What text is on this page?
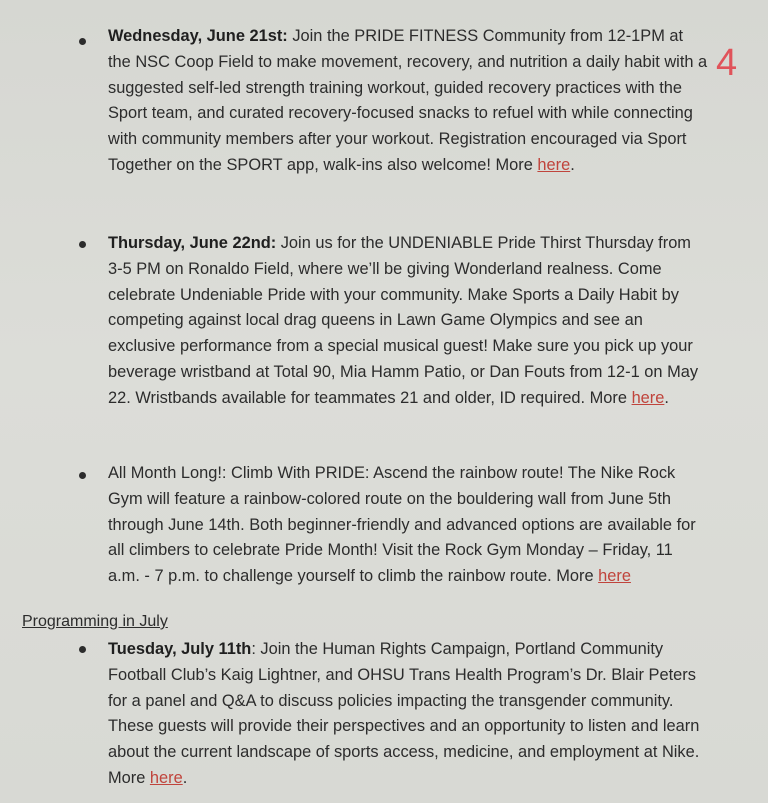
4
Wednesday, June 21st: Join the PRIDE FITNESS Community from 12-1PM at the NSC Coop Field to make movement, recovery, and nutrition a daily habit with a suggested self-led strength training workout, guided recovery practices with the Sport team, and curated recovery-focused snacks to refuel with while connecting with community members after your workout. Registration encouraged via Sport Together on the SPORT app, walk-ins also welcome! More here.
Thursday, June 22nd: Join us for the UNDENIABLE Pride Thirst Thursday from 3-5 PM on Ronaldo Field, where we’ll be giving Wonderland realness. Come celebrate Undeniable Pride with your community. Make Sports a Daily Habit by competing against local drag queens in Lawn Game Olympics and see an exclusive performance from a special musical guest! Make sure you pick up your beverage wristband at Total 90, Mia Hamm Patio, or Dan Fouts from 12-1 on May 22. Wristbands available for teammates 21 and older, ID required. More here.
All Month Long!: Climb With PRIDE: Ascend the rainbow route! The Nike Rock Gym will feature a rainbow-colored route on the bouldering wall from June 5th through June 14th. Both beginner-friendly and advanced options are available for all climbers to celebrate Pride Month! Visit the Rock Gym Monday – Friday, 11 a.m. - 7 p.m. to challenge yourself to climb the rainbow route. More here
Programming in July
Tuesday, July 11th: Join the Human Rights Campaign, Portland Community Football Club’s Kaig Lightner, and OHSU Trans Health Program’s Dr. Blair Peters for a panel and Q&A to discuss policies impacting the transgender community. These guests will provide their perspectives and an opportunity to listen and learn about the current landscape of sports access, medicine, and employment at Nike. More here.
